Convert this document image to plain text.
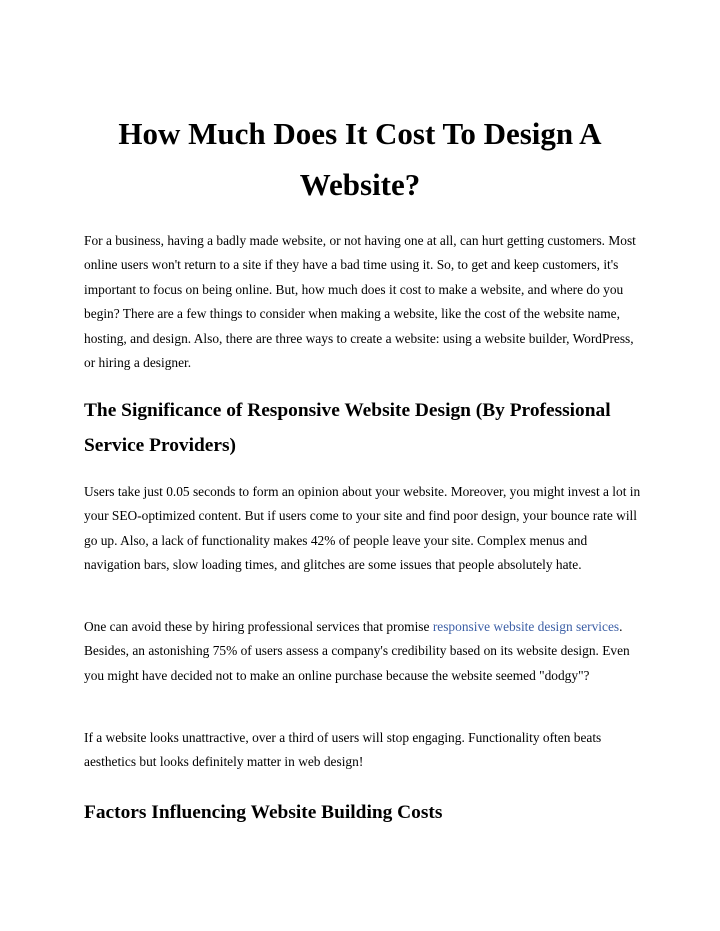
How Much Does It Cost To Design A Website?

For a business, having a badly made website, or not having one at all, can hurt getting customers. Most online users won't return to a site if they have a bad time using it. So, to get and keep customers, it's important to focus on being online. But, how much does it cost to make a website, and where do you begin? There are a few things to consider when making a website, like the cost of the website name, hosting, and design. Also, there are three ways to create a website: using a website builder, WordPress, or hiring a designer.

The Significance of Responsive Website Design (By Professional Service Providers)

Users take just 0.05 seconds to form an opinion about your website. Moreover, you might invest a lot in your SEO-optimized content. But if users come to your site and find poor design, your bounce rate will go up. Also, a lack of functionality makes 42% of people leave your site. Complex menus and navigation bars, slow loading times, and glitches are some issues that people absolutely hate.

One can avoid these by hiring professional services that promise responsive website design services. Besides, an astonishing 75% of users assess a company's credibility based on its website design. Even you might have decided not to make an online purchase because the website seemed "dodgy"?

If a website looks unattractive, over a third of users will stop engaging. Functionality often beats aesthetics but looks definitely matter in web design!

Factors Influencing Website Building Costs
